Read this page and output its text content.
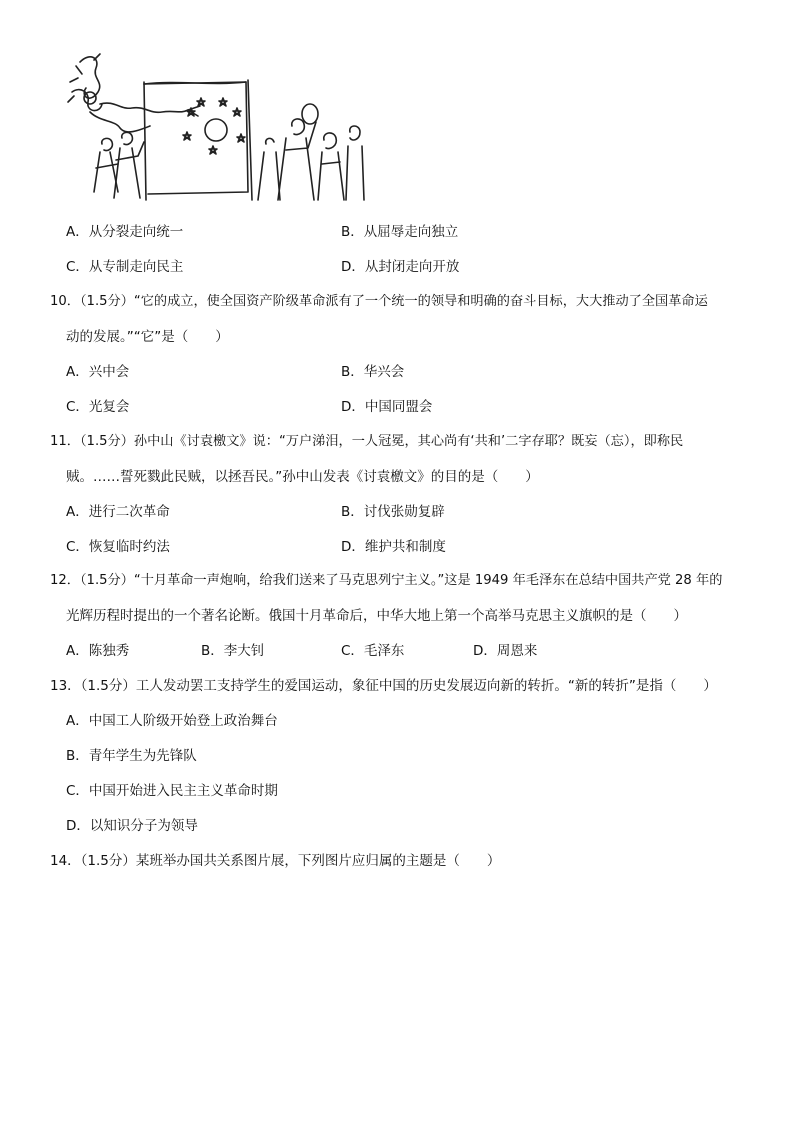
A．从分裂走向统一	B．从屈辱走向独立
C．从专制走向民主	D．从封闭走向开放
10．（1.5分）“它的成立，使全国资产阶级革命派有了一个统一的领导和明确的奋斗目标，大大推动了全国革命运
动的发展。”“它”是（　　）
A．兴中会	B．华兴会
C．光复会	D．中国同盟会
11．（1.5分）孙中山《讨袁檄文》说：“万户涕泪，一人冠冕，其心尚有‘共和’二字存耶？既妄（忘），即称民
贼。……誓死戮此民贼，以拯吾民。”孙中山发表《讨袁檄文》的目的是（　　）
A．进行二次革命	B．讨伐张勋复辟
C．恢复临时约法	D．维护共和制度
12．（1.5分）“十月革命一声炮响，给我们送来了马克思列宁主义。”这是 1949 年毛泽东在总结中国共产党 28 年的
光辉历程时提出的一个著名论断。俄国十月革命后，中华大地上第一个高举马克思主义旗帜的是（　　）
A．陈独秀	B．李大钊	C．毛泽东	D．周恩来
13．（1.5分）工人发动罢工支持学生的爱国运动，象征中国的历史发展迈向新的转折。“新的转折”是指（　　）
A．中国工人阶级开始登上政治舞台
B．青年学生为先锋队
C．中国开始进入民主主义革命时期
D．以知识分子为领导
14．（1.5分）某班举办国共关系图片展，下列图片应归属的主题是（　　）
